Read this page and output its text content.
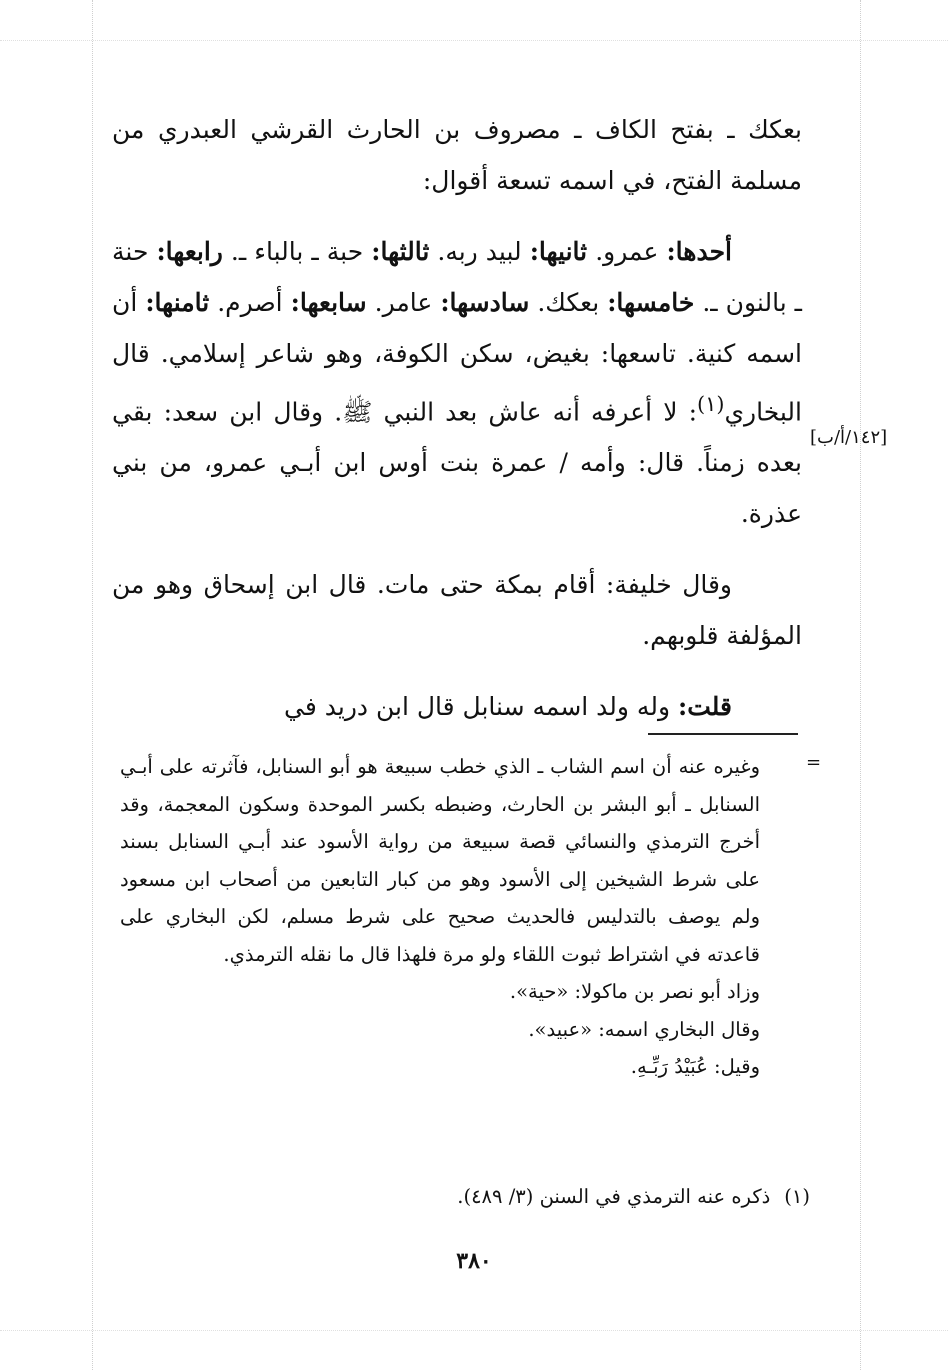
بعكك ـ بفتح الكاف ـ مصروف بن الحارث القرشي العبدري من مسلمة الفتح، في اسمه تسعة أقوال:

أحدها: عمرو. ثانيها: لبيد ربه. ثالثها: حبة ـ بالباء ـ. رابعها: حنة ـ بالنون ـ. خامسها: بعكك. سادسها: عامر. سابعها: أصرم. ثامنها: أن اسمه كنية. تاسعها: بغيض، سكن الكوفة، وهو شاعر إسلامي. قال البخاري$^{(١)}$: لا أعرفه أنه عاش بعد النبي ﷺ. وقال ابن سعد: بقي بعده زمناً. قال: وأمه / عمرة بنت أوس ابن أبـي عمرو، من بني عذرة.

وقال خليفة: أقام بمكة حتى مات. قال ابن إسحاق وهو من المؤلفة قلوبهم.

قلت: وله ولد اسمه سنابل قال ابن دريد في

[١٤٢/أ/ب]
=

وغيره عنه أن اسم الشاب ـ الذي خطب سبيعة هو أبو السنابل، فآثرته على أبـي السنابل ـ أبو البشر بن الحارث، وضبطه بكسر الموحدة وسكون المعجمة، وقد أخرج الترمذي والنسائي قصة سبيعة من رواية الأسود عند أبـي السنابل بسند على شرط الشيخين إلى الأسود وهو من كبار التابعين من أصحاب ابن مسعود ولم يوصف بالتدليس فالحديث صحيح على شرط مسلم، لكن البخاري على قاعدته في اشتراط ثبوت اللقاء ولو مرة فلهذا قال ما نقله الترمذي.

وزاد أبو نصر بن ماكولا: «حية».

وقال البخاري اسمه: «عبيد».

وقيل: عُبَيْدُ رَبِّـهِ.

(١)ذكره عنه الترمذي في السنن (٣/ ٤٨٩).
٣٨٠
